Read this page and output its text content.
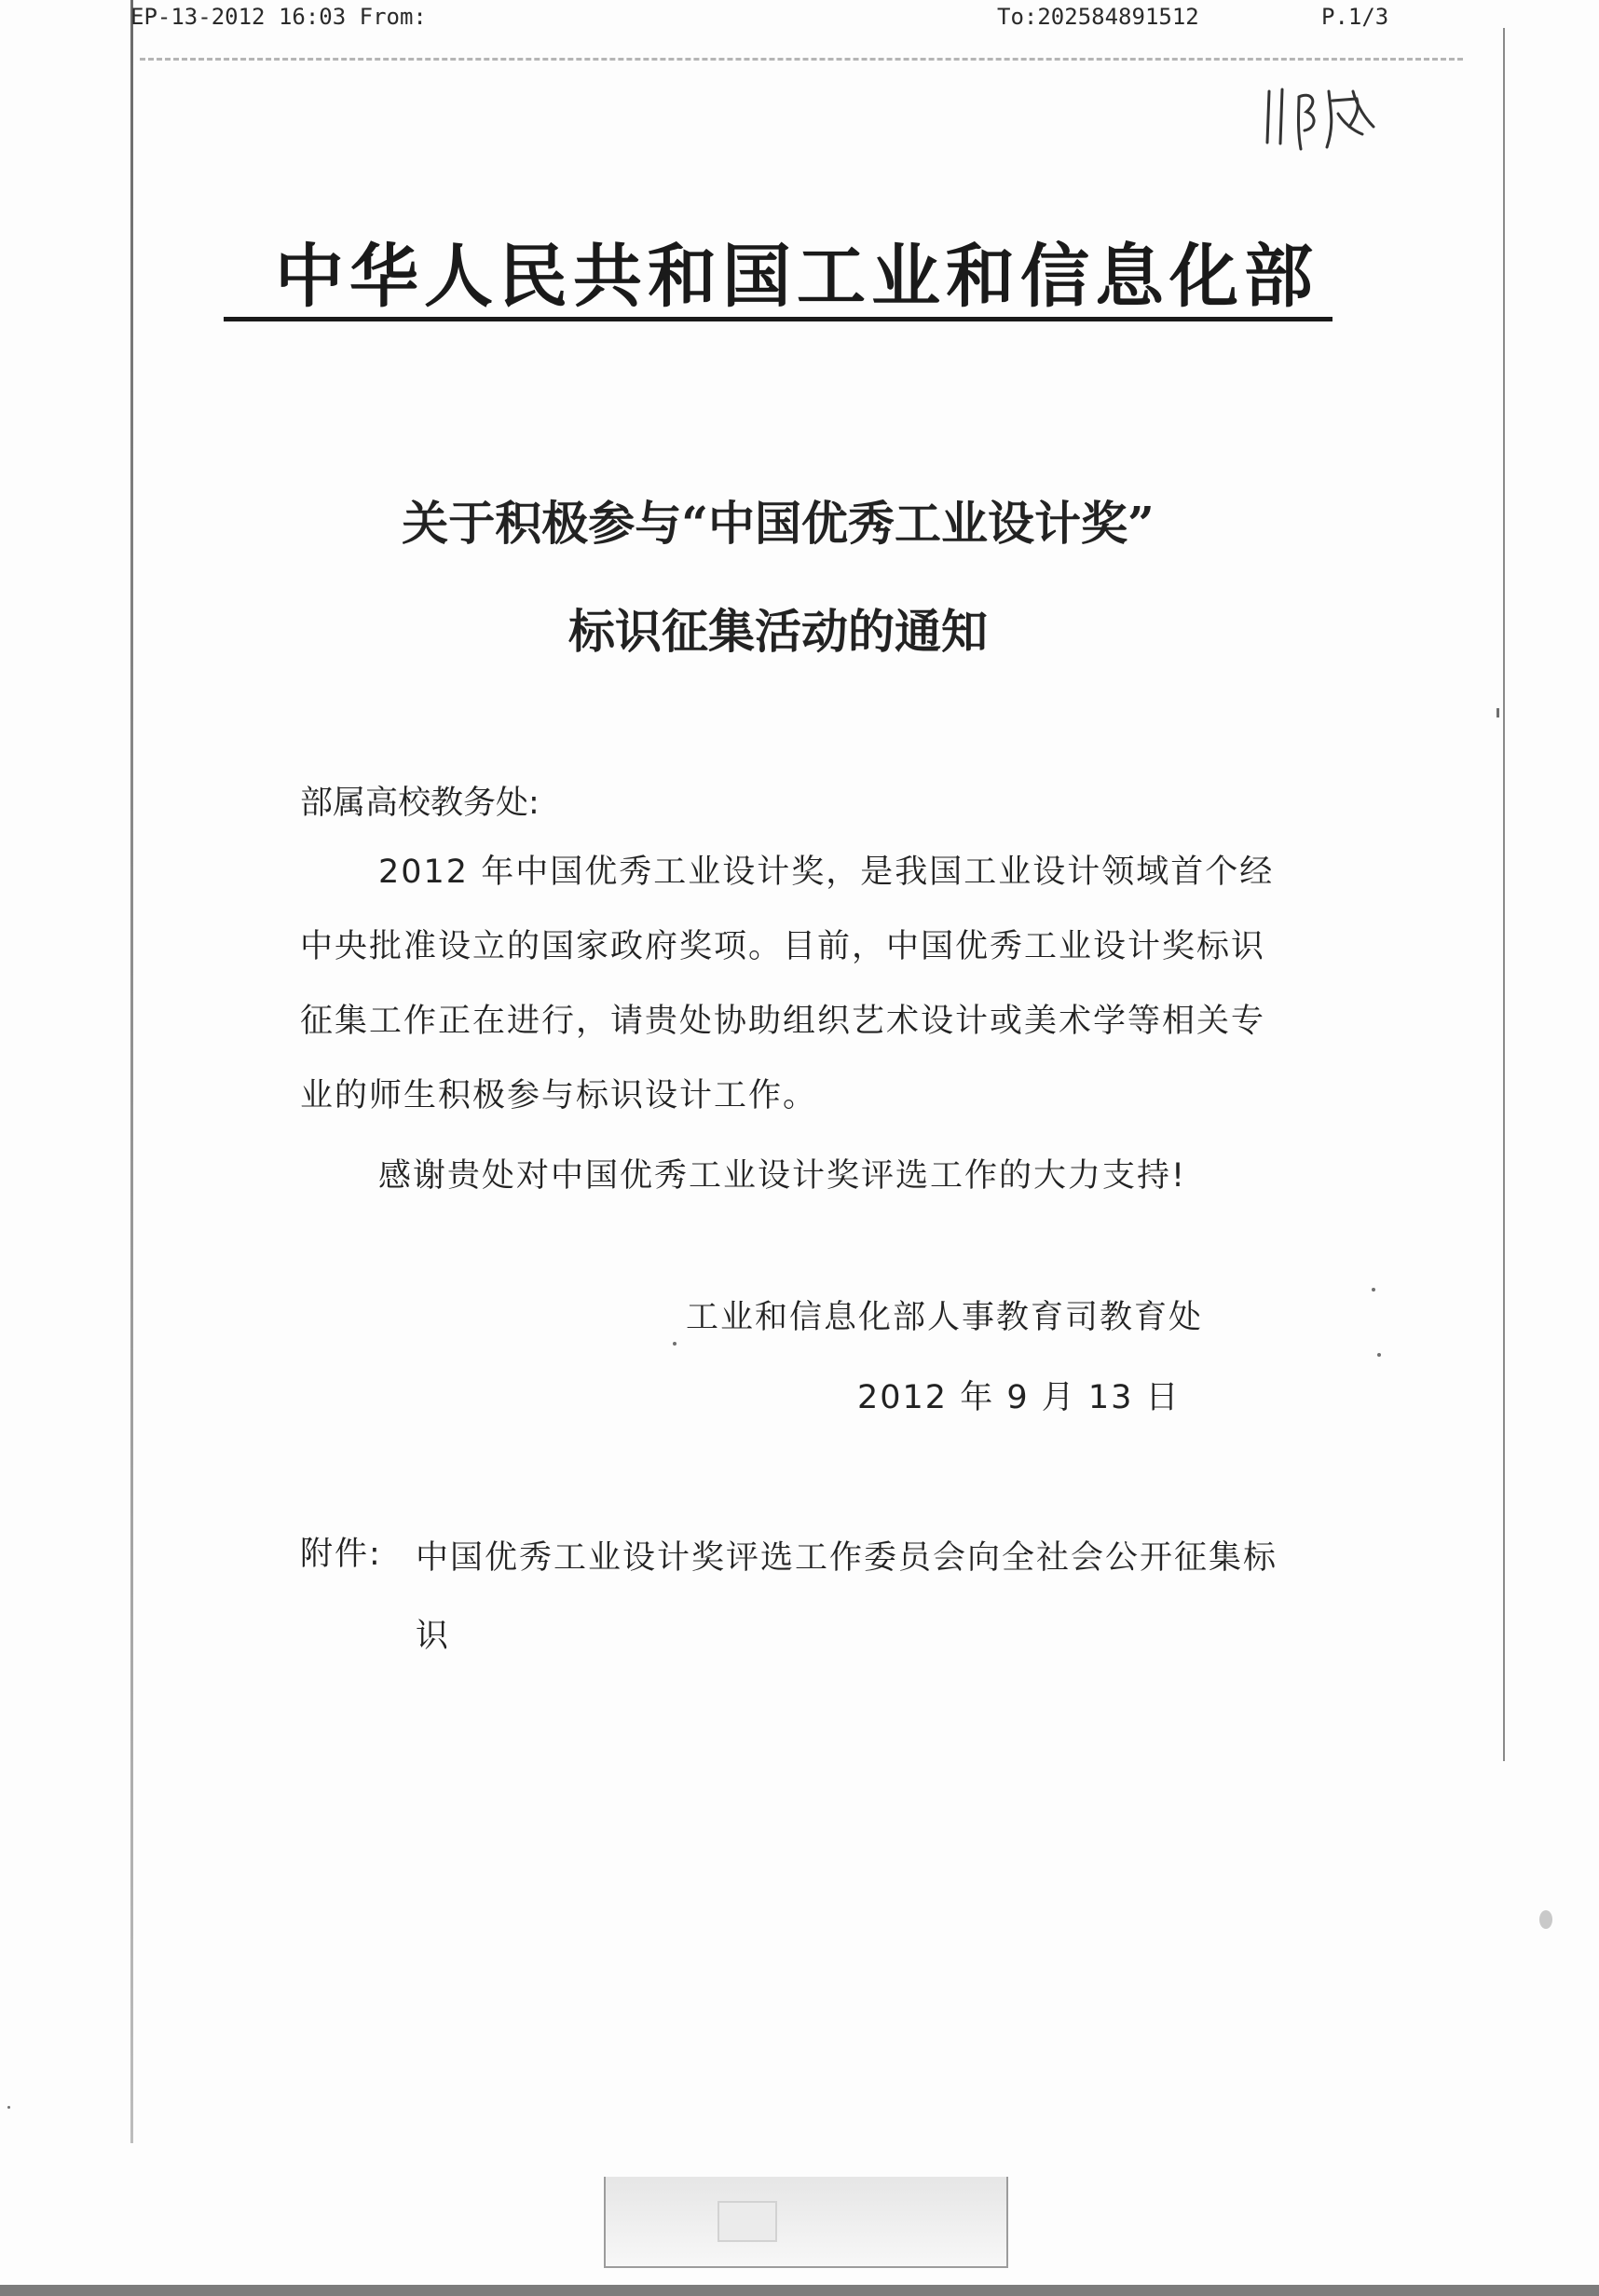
EP-13-2012 16:03 From:	To:202584891512	P.1∕3
中华人民共和国工业和信息化部
关于积极参与“中国优秀工业设计奖”
标识征集活动的通知
部属高校教务处:
2012 年中国优秀工业设计奖，是我国工业设计领域首个经中央批准设立的国家政府奖项。目前，中国优秀工业设计奖标识征集工作正在进行，请贵处协助组织艺术设计或美术学等相关专业的师生积极参与标识设计工作。
感谢贵处对中国优秀工业设计奖评选工作的大力支持!
工业和信息化部人事教育司教育处
2012 年 9 月 13 日
附件: 中国优秀工业设计奖评选工作委员会向全社会公开征集标识
